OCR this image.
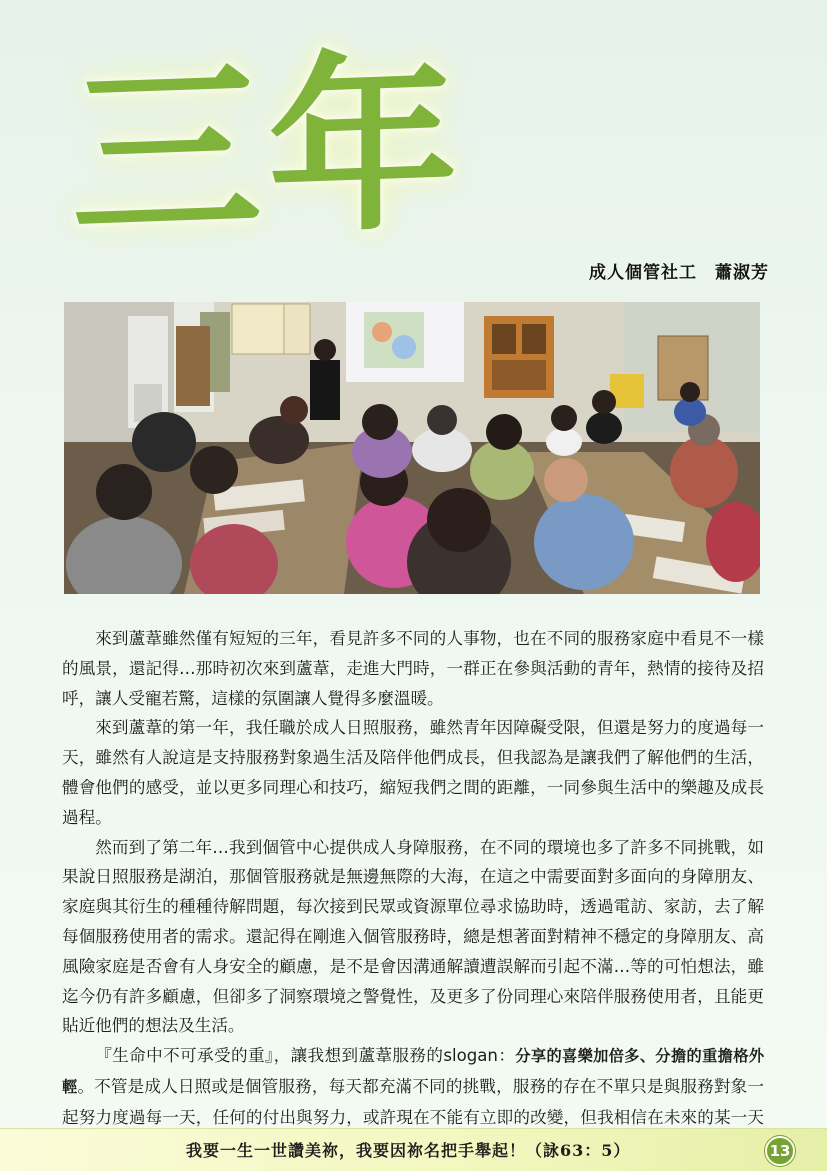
三年
成人個管社工　蕭淑芳

來到蘆葦雖然僅有短短的三年，看見許多不同的人事物，也在不同的服務家庭中看見不一樣的風景，還記得…那時初次來到蘆葦，走進大門時，一群正在參與活動的青年，熱情的接待及招呼，讓人受寵若驚，這樣的氛圍讓人覺得多麼溫暖。

來到蘆葦的第一年，我任職於成人日照服務，雖然青年因障礙受限，但還是努力的度過每一天，雖然有人說這是支持服務對象過生活及陪伴他們成長，但我認為是讓我們了解他們的生活，體會他們的感受，並以更多同理心和技巧，縮短我們之間的距離，一同參與生活中的樂趣及成長過程。

然而到了第二年…我到個管中心提供成人身障服務，在不同的環境也多了許多不同挑戰，如果說日照服務是湖泊，那個管服務就是無邊無際的大海，在這之中需要面對多面向的身障朋友、家庭與其衍生的種種待解問題，每次接到民眾或資源單位尋求協助時，透過電訪、家訪，去了解每個服務使用者的需求。還記得在剛進入個管服務時，總是想著面對精神不穩定的身障朋友、高風險家庭是否會有人身安全的顧慮，是不是會因溝通解讀遭誤解而引起不滿…等的可怕想法，雖迄今仍有許多顧慮，但卻多了洞察環境之警覺性，及更多了份同理心來陪伴服務使用者，且能更貼近他們的想法及生活。

『生命中不可承受的重』，讓我想到蘆葦服務的slogan：分享的喜樂加倍多、分擔的重擔格外輕。不管是成人日照或是個管服務，每天都充滿不同的挑戰，服務的存在不單只是與服務對象一起努力度過每一天，任何的付出與努力，或許現在不能有立即的改變，但我相信在未來的某一天

我要一生一世讚美祢，我要因祢名把手舉起！（詠63：5）	13
